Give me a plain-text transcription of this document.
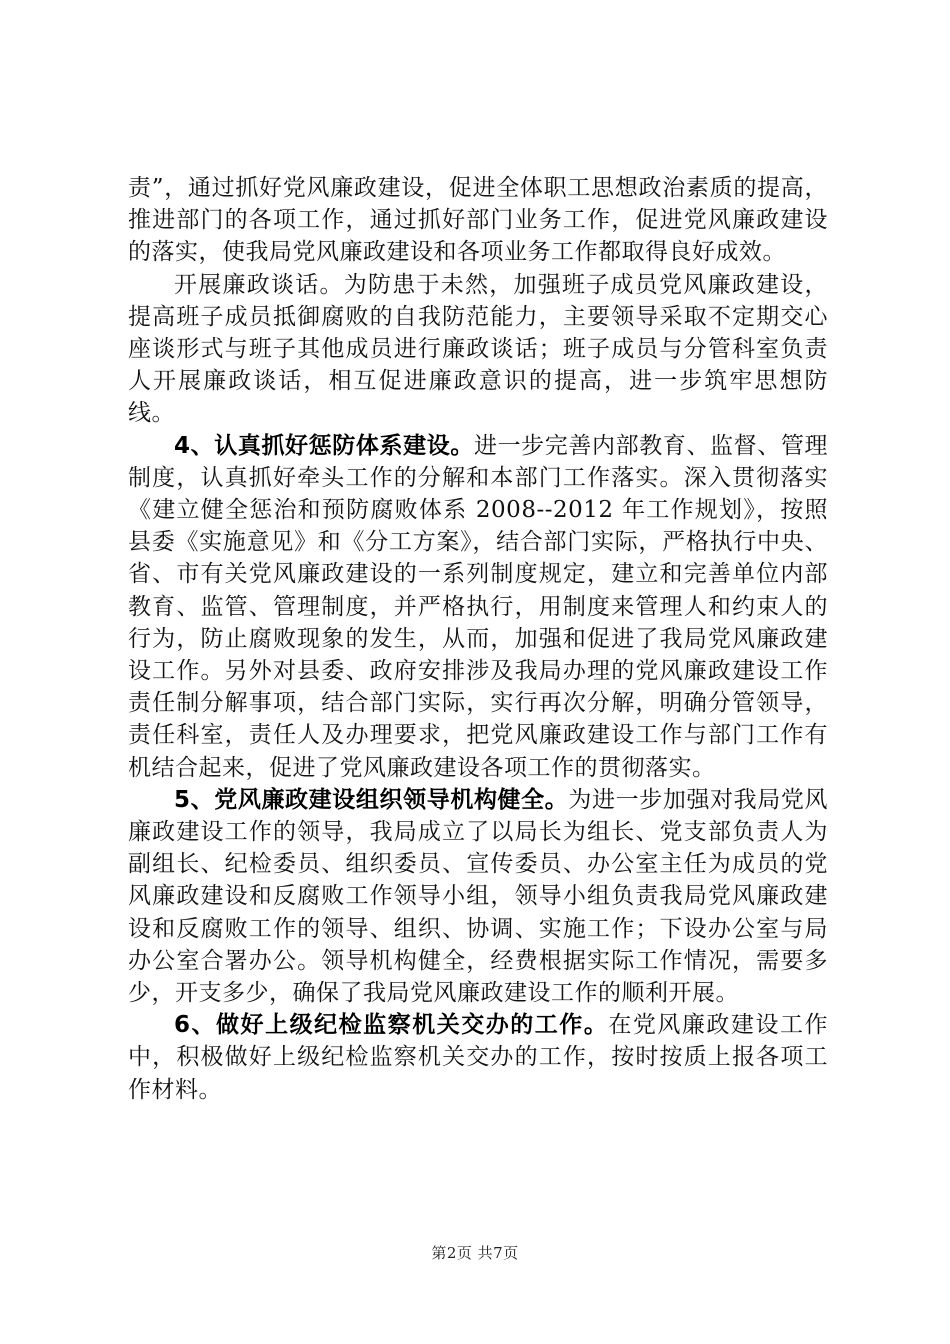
责”，通过抓好党风廉政建设，促进全体职工思想政治素质的提高，推进部门的各项工作，通过抓好部门业务工作，促进党风廉政建设的落实，使我局党风廉政建设和各项业务工作都取得良好成效。

开展廉政谈话。为防患于未然，加强班子成员党风廉政建设，提高班子成员抵御腐败的自我防范能力，主要领导采取不定期交心座谈形式与班子其他成员进行廉政谈话；班子成员与分管科室负责人开展廉政谈话，相互促进廉政意识的提高，进一步筑牢思想防线。

4、认真抓好惩防体系建设。进一步完善内部教育、监督、管理制度，认真抓好牵头工作的分解和本部门工作落实。深入贯彻落实《建立健全惩治和预防腐败体系 2008--2012 年工作规划》，按照县委《实施意见》和《分工方案》，结合部门实际，严格执行中央、省、市有关党风廉政建设的一系列制度规定，建立和完善单位内部教育、监管、管理制度，并严格执行，用制度来管理人和约束人的行为，防止腐败现象的发生，从而，加强和促进了我局党风廉政建设工作。另外对县委、政府安排涉及我局办理的党风廉政建设工作责任制分解事项，结合部门实际，实行再次分解，明确分管领导，责任科室，责任人及办理要求，把党风廉政建设工作与部门工作有机结合起来，促进了党风廉政建设各项工作的贯彻落实。

5、党风廉政建设组织领导机构健全。为进一步加强对我局党风廉政建设工作的领导，我局成立了以局长为组长、党支部负责人为副组长、纪检委员、组织委员、宣传委员、办公室主任为成员的党风廉政建设和反腐败工作领导小组，领导小组负责我局党风廉政建设和反腐败工作的领导、组织、协调、实施工作；下设办公室与局办公室合署办公。领导机构健全，经费根据实际工作情况，需要多少，开支多少，确保了我局党风廉政建设工作的顺利开展。

6、做好上级纪检监察机关交办的工作。在党风廉政建设工作中，积极做好上级纪检监察机关交办的工作，按时按质上报各项工作材料。

第2页 共7页
